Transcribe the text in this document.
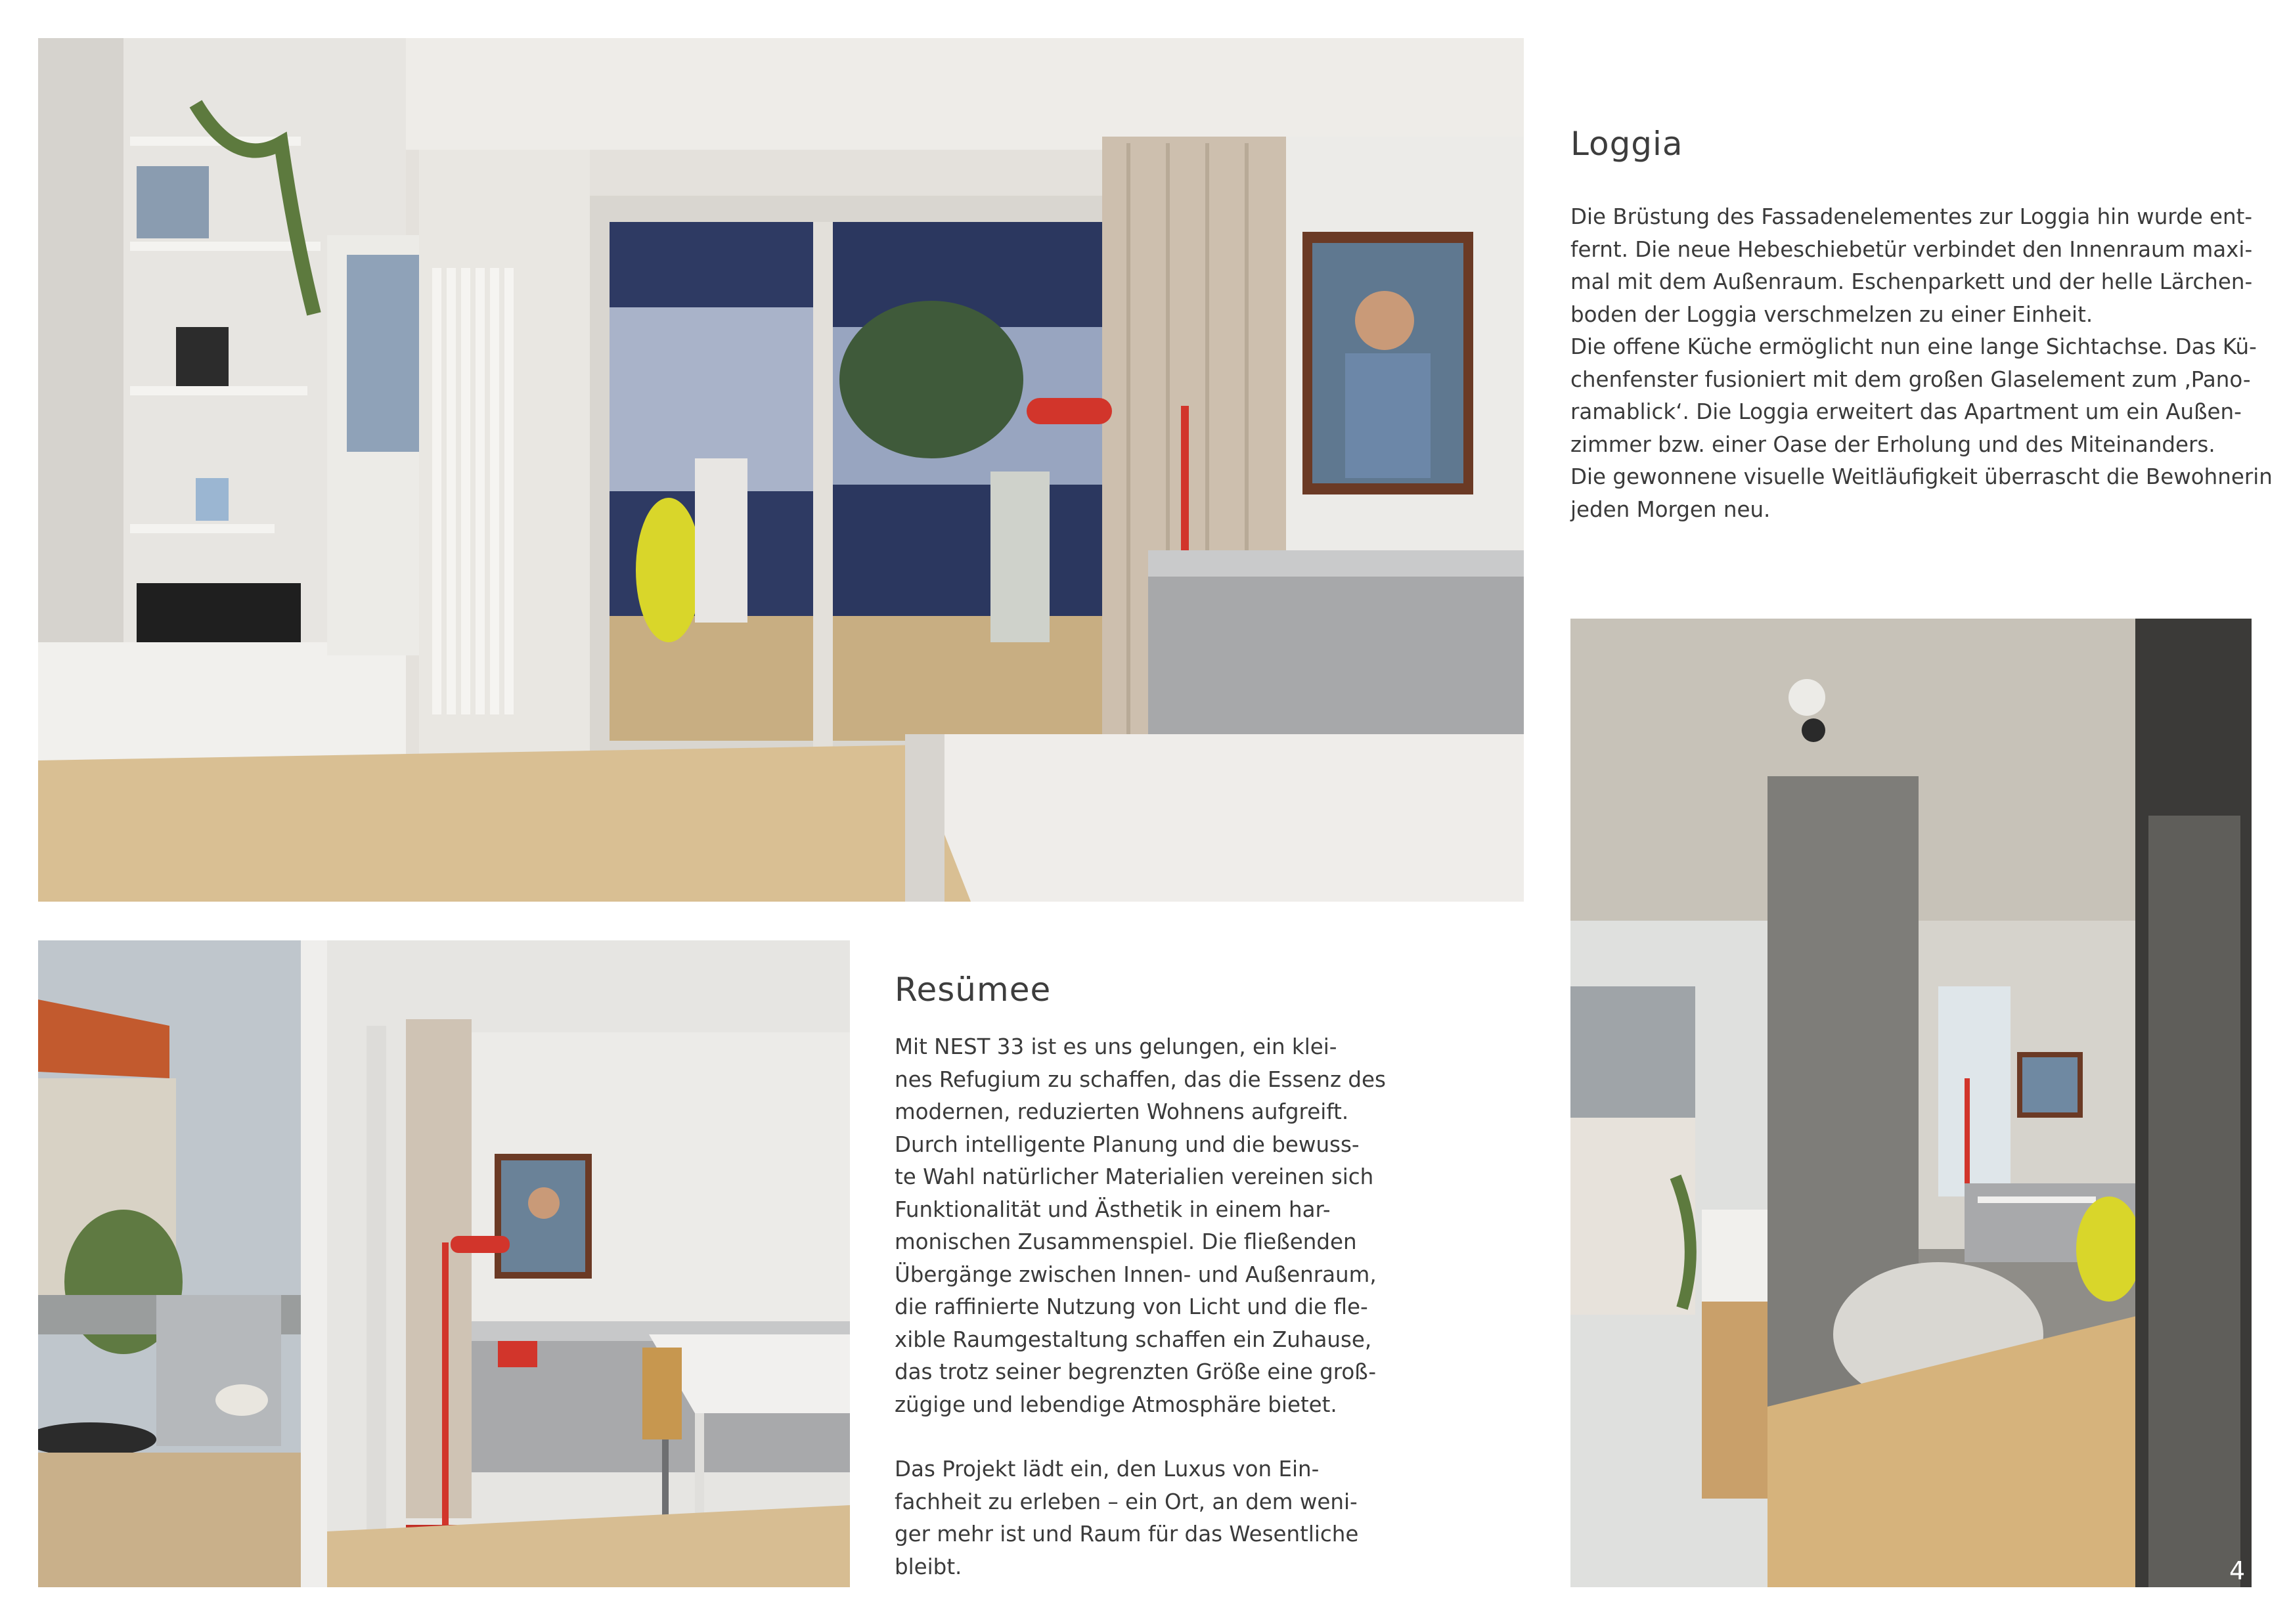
Loggia

Die Brüstung des Fassadenelementes zur Loggia hin wurde ent-

fernt. Die neue Hebeschiebetür verbindet den Innenraum maxi-

mal mit dem Außenraum. Eschenparkett und der helle Lärchen-

boden der Loggia verschmelzen zu einer Einheit.

Die offene Küche ermöglicht nun eine lange Sichtachse. Das Kü-

chenfenster fusioniert mit dem großen Glaselement zum ‚Pano-

ramablick‘. Die Loggia erweitert das Apartment um ein Außen-

zimmer bzw. einer Oase der Erholung und des Miteinanders.

Die gewonnene visuelle Weitläufigkeit überrascht die Bewohnerin

jeden Morgen neu.

Resümee

Mit NEST 33 ist es uns gelungen, ein klei-

nes Refugium zu schaffen, das die Essenz des

modernen, reduzierten Wohnens aufgreift.

Durch intelligente Planung und die bewuss-

te Wahl natürlicher Materialien vereinen sich

Funktionalität und Ästhetik in einem har-

monischen Zusammenspiel. Die fließenden

Übergänge zwischen Innen- und Außenraum,

die raffinierte Nutzung von Licht und die fle-

xible Raumgestaltung schaffen ein Zuhause,

das trotz seiner begrenzten Größe eine groß-

zügige und lebendige Atmosphäre bietet.

Das Projekt lädt ein, den Luxus von Ein-

fachheit zu erleben – ein Ort, an dem weni-

ger mehr ist und Raum für das Wesentliche

bleibt.	4
